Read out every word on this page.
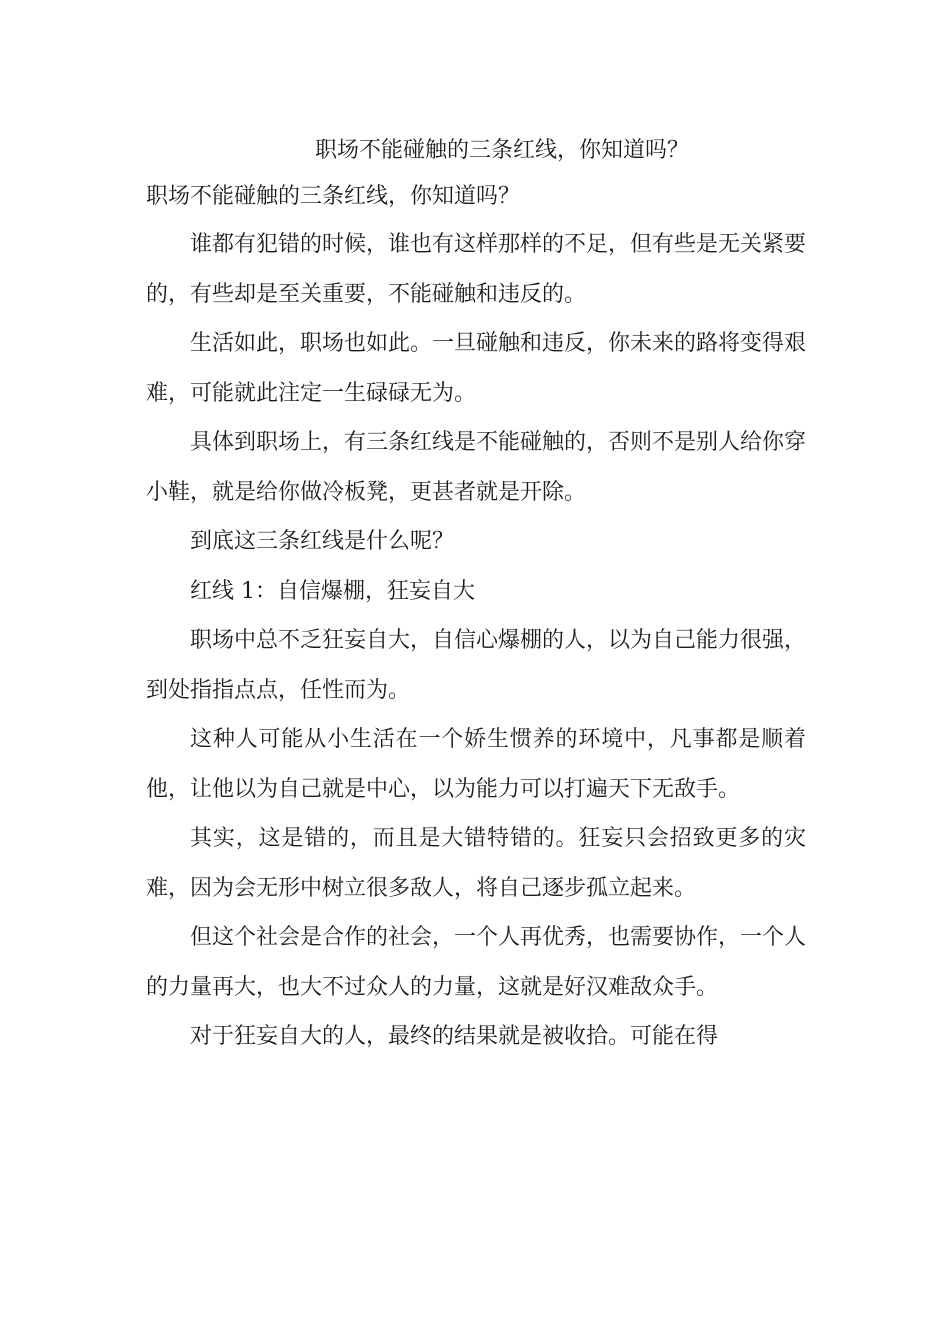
职场不能碰触的三条红线，你知道吗？

职场不能碰触的三条红线，你知道吗？

谁都有犯错的时候，谁也有这样那样的不足，但有些是无关紧要的，有些却是至关重要，不能碰触和违反的。

生活如此，职场也如此。一旦碰触和违反，你未来的路将变得艰难，可能就此注定一生碌碌无为。

具体到职场上，有三条红线是不能碰触的，否则不是别人给你穿小鞋，就是给你做冷板凳，更甚者就是开除。

到底这三条红线是什么呢？

红线 1：自信爆棚，狂妄自大

职场中总不乏狂妄自大，自信心爆棚的人，以为自己能力很强，到处指指点点，任性而为。

这种人可能从小生活在一个娇生惯养的环境中，凡事都是顺着他，让他以为自己就是中心，以为能力可以打遍天下无敌手。

其实，这是错的，而且是大错特错的。狂妄只会招致更多的灾难，因为会无形中树立很多敌人，将自己逐步孤立起来。

但这个社会是合作的社会，一个人再优秀，也需要协作，一个人的力量再大，也大不过众人的力量，这就是好汉难敌众手。

对于狂妄自大的人，最终的结果就是被收拾。可能在得
